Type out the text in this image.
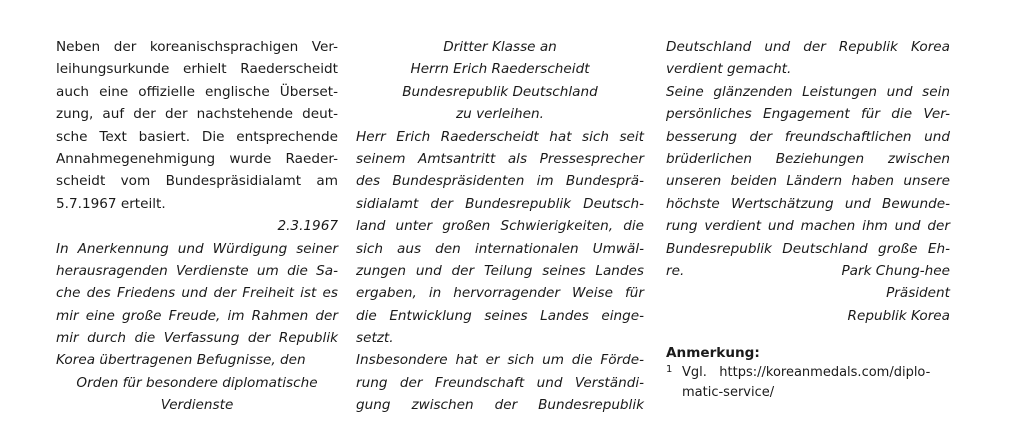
Neben der koreanischsprachigen Ver-
leihungsurkunde erhielt Raederscheidt
auch eine offizielle englische Überset-
zung, auf der der nachstehende deut-
sche Text basiert. Die entsprechende
Annahmegenehmigung wurde Raeder-
scheidt vom Bundespräsidialamt am
5.7.1967 erteilt.
2.3.1967
In Anerkennung und Würdigung seiner
herausragenden Verdienste um die Sa-
che des Friedens und der Freiheit ist es
mir eine große Freude, im Rahmen der
mir durch die Verfassung der Republik
Korea übertragenen Befugnisse, den
Orden für besondere diplomatische
Verdienste
Dritter Klasse an
Herrn Erich Raederscheidt
Bundesrepublik Deutschland
zu verleihen.
Herr Erich Raederscheidt hat sich seit
seinem Amtsantritt als Pressesprecher
des Bundespräsidenten im Bundesprä-
sidialamt der Bundesrepublik Deutsch-
land unter großen Schwierigkeiten, die
sich aus den internationalen Umwäl-
zungen und der Teilung seines Landes
ergaben, in hervorragender Weise für
die Entwicklung seines Landes einge-
setzt.
Insbesondere hat er sich um die Förde-
rung der Freundschaft und Verständi-
gung zwischen der Bundesrepublik
Deutschland und der Republik Korea
verdient gemacht.
Seine glänzenden Leistungen und sein
persönliches Engagement für die Ver-
besserung der freundschaftlichen und
brüderlichen Beziehungen zwischen
unseren beiden Ländern haben unsere
höchste Wertschätzung und Bewunde-
rung verdient und machen ihm und der
Bundesrepublik Deutschland große Eh-
re.	Park Chung-hee
Präsident
Republik Korea
Anmerkung:
1 Vgl.   https://koreanmedals.com/diplo-
matic-service/
